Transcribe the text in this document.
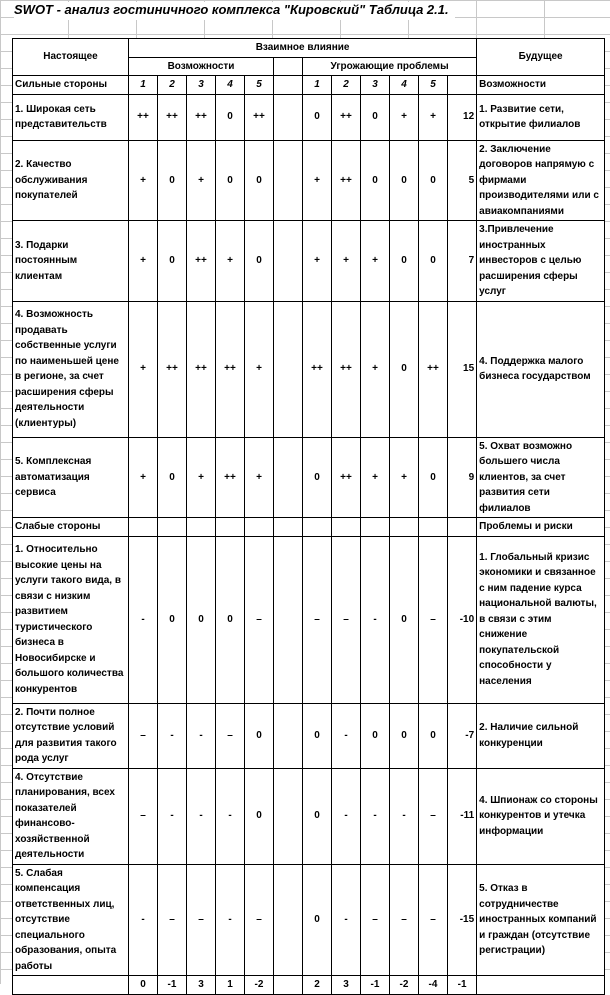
SWOT - анализ гостиничного комплекса "Кировский" Таблица 2.1.
Настоящее	Взаимное влияние												Будущее
	Возможности						Угрожающие проблемы						
Сильные стороны	1	2	3	4	5		1	2	3	4	5		Возможности
1. Широкая сеть представительств	++	++	++	0	++		0	++	0	+	+	12	1. Развитие сети, открытие филиалов
2. Качество обслуживания покупателей	+	0	+	0	0		+	++	0	0	0	5	2. Заключение договоров напрямую с фирмами производителями или с авиакомпаниями
3. Подарки постоянным клиентам	+	0	++	+	0		+	+	+	0	0	7	3.Привлечение иностранных инвесторов с целью расширения сферы услуг
4. Возможность продавать собственные услуги по наименьшей цене в регионе, за счет расширения сферы деятельности (клиентуры)	+	++	++	++	+		++	++	+	0	++	15	4. Поддержка малого бизнеса государством
5. Комплексная автоматизация сервиса	+	0	+	++	+		0	++	+	+	0	9	5. Охват возможно большего числа клиентов, за счет развития сети филиалов
Слабые стороны													Проблемы и риски
1. Относительно высокие цены на услуги такого вида, в связи с низким развитием туристического бизнеса в Новосибирске и большого количества конкурентов	-	0	0	0	–		–	–	-	0	–	-10	1. Глобальный кризис экономики и связанное с ним падение курса национальной валюты, в связи с этим снижение покупательской способности у населения
2. Почти полное отсутствие условий для развития такого рода услуг	–	-	-	–	0		0	-	0	0	0	-7	2. Наличие сильной конкуренции
4. Отсутствие планирования, всех показателей финансово-хозяйственной деятельности	–	-	-	-	0		0	-	-	-	–	-11	4. Шпионаж со стороны конкурентов и утечка информации
5. Слабая компенсация ответственных лиц, отсутствие специального образования, опыта работы	-	–	–	-	–		0	-	–	–	–	-15	5. Отказ в сотрудничестве иностранных компаний и граждан (отсутствие регистрации)
	0	-1	3	1	-2		2	3	-1	-2	-4	-1	
